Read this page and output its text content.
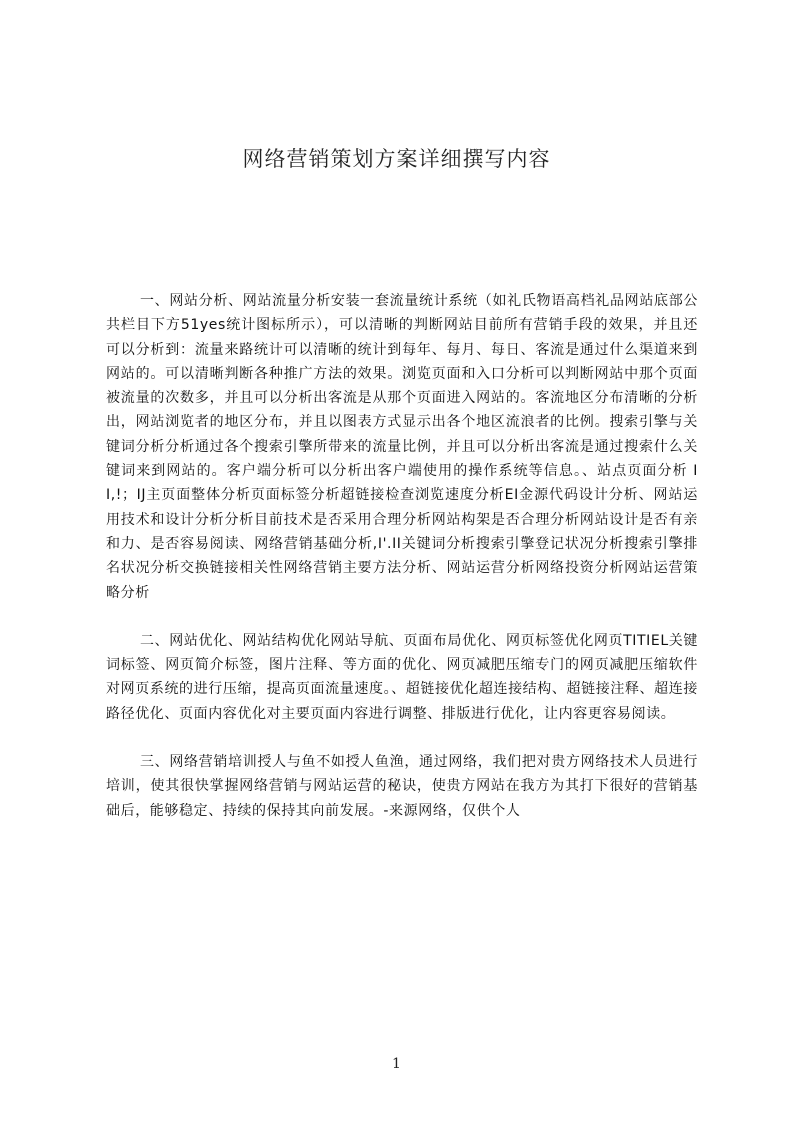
网络营销策划方案详细撰写内容

一、网站分析、网站流量分析安装一套流量统计系统（如礼氏物语高档礼品网站底部公共栏目下方51yes统计图标所示），可以清晰的判断网站目前所有营销手段的效果，并且还可以分析到：流量来路统计可以清晰的统计到每年、每月、每日、客流是通过什么渠道来到网站的。可以清晰判断各种推广方法的效果。浏览页面和入口分析可以判断网站中那个页面被流量的次数多，并且可以分析出客流是从那个页面进入网站的。客流地区分布清晰的分析出，网站浏览者的地区分布，并且以图表方式显示出各个地区流浪者的比例。搜索引擎与关键词分析分析通过各个搜索引擎所带来的流量比例，并且可以分析出客流是通过搜索什么关键词来到网站的。客户端分析可以分析出客户端使用的操作系统等信息。、站点页面分析 II,!；IJ主页面整体分析页面标签分析超链接检查浏览速度分析EI金源代码设计分析、网站运用技术和设计分析分析目前技术是否采用合理分析网站构架是否合理分析网站设计是否有亲和力、是否容易阅读、网络营销基础分析,I'.II关键词分析搜索引擎登记状况分析搜索引擎排名状况分析交换链接相关性网络营销主要方法分析、网站运营分析网络投资分析网站运营策略分析

二、网站优化、网站结构优化网站导航、页面布局优化、网页标签优化网页TITIEL关键词标签、网页简介标签，图片注释、等方面的优化、网页减肥压缩专门的网页减肥压缩软件对网页系统的进行压缩，提高页面流量速度。、超链接优化超连接结构、超链接注释、超连接路径优化、页面内容优化对主要页面内容进行调整、排版进行优化，让内容更容易阅读。

三、网络营销培训授人与鱼不如授人鱼渔，通过网络，我们把对贵方网络技术人员进行培训，使其很快掌握网络营销与网站运营的秘诀，使贵方网站在我方为其打下很好的营销基础后，能够稳定、持续的保持其向前发展。-来源网络，仅供个人

1
